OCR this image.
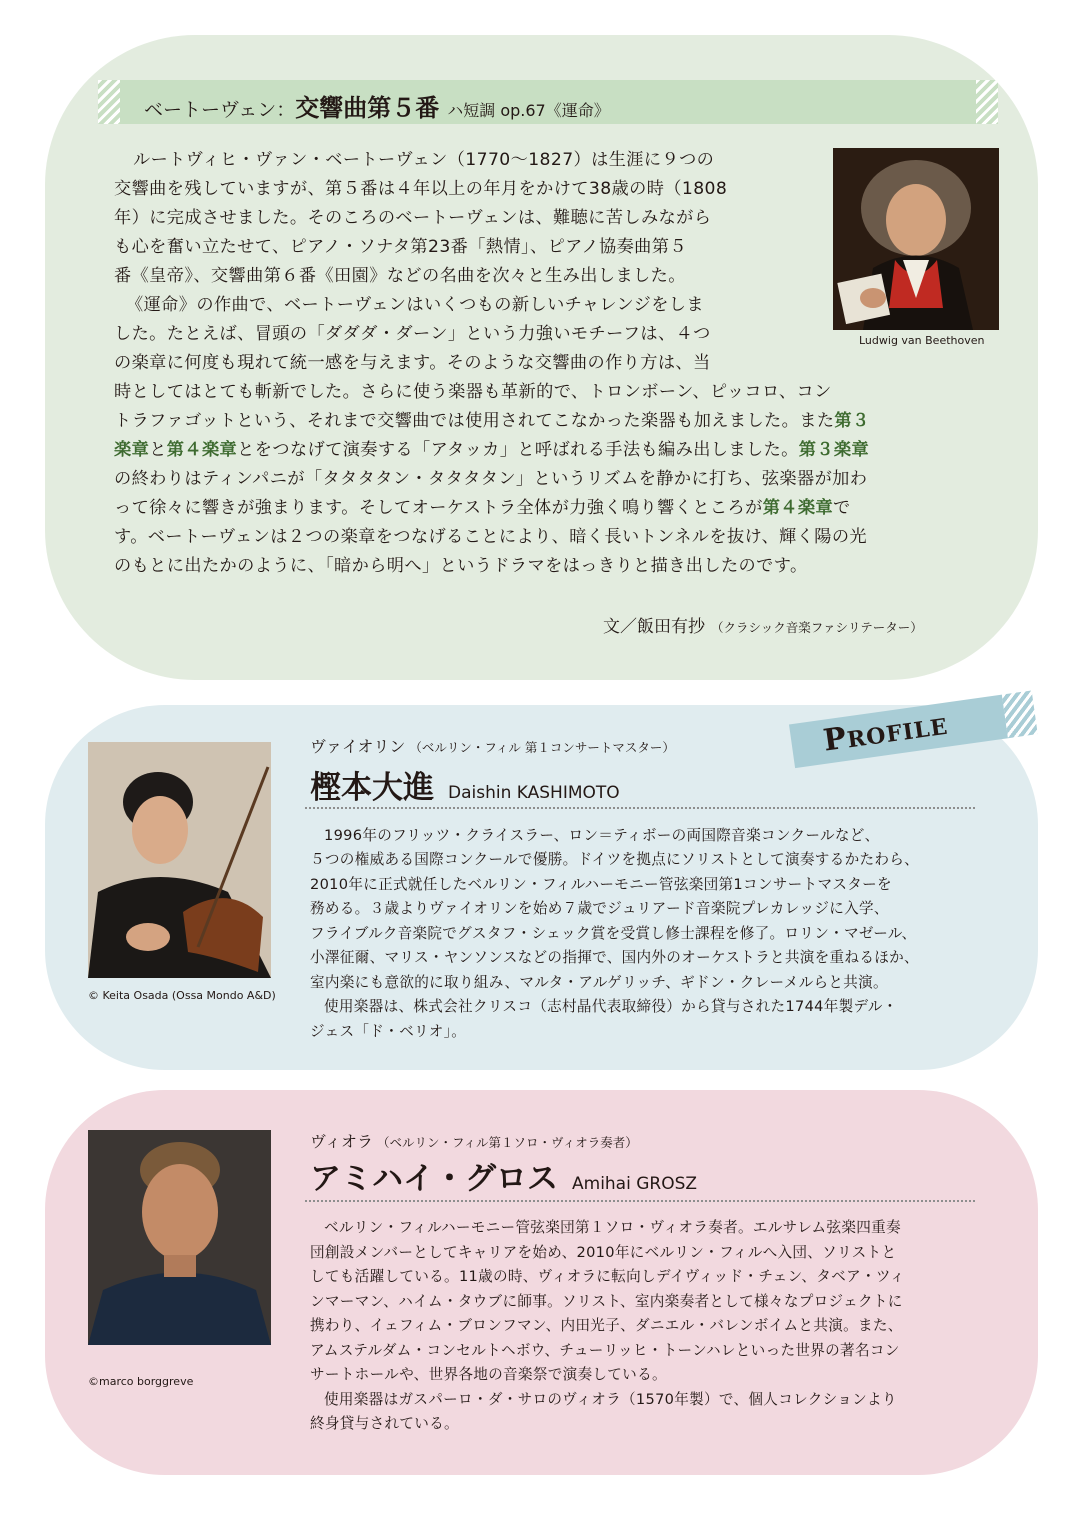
ベートーヴェン：交響曲第５番 ハ短調 op.67《運命》
Ludwig van Beethoven
ルートヴィヒ・ヴァン・ベートーヴェン（1770〜1827）は生涯に９つの
交響曲を残していますが、第５番は４年以上の年月をかけて38歳の時（1808
年）に完成させました。そのころのベートーヴェンは、難聴に苦しみながら
も心を奮い立たせて、ピアノ・ソナタ第23番「熱情」、ピアノ協奏曲第５
番《皇帝》、交響曲第６番《田園》などの名曲を次々と生み出しました。
《運命》の作曲で、ベートーヴェンはいくつもの新しいチャレンジをしま
した。たとえば、冒頭の「ダダダ・ダーン」という力強いモチーフは、４つ
の楽章に何度も現れて統一感を与えます。そのような交響曲の作り方は、当
時としてはとても斬新でした。さらに使う楽器も革新的で、トロンボーン、ピッコロ、コン
トラファゴットという、それまで交響曲では使用されてこなかった楽器も加えました。また第３
楽章と第４楽章とをつなげて演奏する「アタッカ」と呼ばれる手法も編み出しました。第３楽章
の終わりはティンパニが「タタタタン・タタタタン」というリズムを静かに打ち、弦楽器が加わ
って徐々に響きが強まります。そしてオーケストラ全体が力強く鳴り響くところが第４楽章で
す。ベートーヴェンは２つの楽章をつなげることにより、暗く長いトンネルを抜け、輝く陽の光
のもとに出たかのように、「暗から明へ」というドラマをはっきりと描き出したのです。
文／飯田有抄 （クラシック音楽ファシリテーター）
PROFILE
© Keita Osada (Ossa Mondo A&D)
ヴァイオリン （ベルリン・フィル 第１コンサートマスター）
樫本大進 Daishin KASHIMOTO
1996年のフリッツ・クライスラー、ロン＝ティボーの両国際音楽コンクールなど、
５つの権威ある国際コンクールで優勝。ドイツを拠点にソリストとして演奏するかたわら、
2010年に正式就任したベルリン・フィルハーモニー管弦楽団第1コンサートマスターを
務める。３歳よりヴァイオリンを始め７歳でジュリアード音楽院プレカレッジに入学、
フライブルク音楽院でグスタフ・シェック賞を受賞し修士課程を修了。ロリン・マゼール、
小澤征爾、マリス・ヤンソンスなどの指揮で、国内外のオーケストラと共演を重ねるほか、
室内楽にも意欲的に取り組み、マルタ・アルゲリッチ、ギドン・クレーメルらと共演。
使用楽器は、株式会社クリスコ（志村晶代表取締役）から貸与された1744年製デル・
ジェス「ド・ベリオ」。
©marco borggreve
ヴィオラ （ベルリン・フィル第１ソロ・ヴィオラ奏者）
アミハイ・グロス Amihai GROSZ
ベルリン・フィルハーモニー管弦楽団第１ソロ・ヴィオラ奏者。エルサレム弦楽四重奏
団創設メンバーとしてキャリアを始め、2010年にベルリン・フィルへ入団、ソリストと
しても活躍している。11歳の時、ヴィオラに転向しデイヴィッド・チェン、タベア・ツィ
ンマーマン、ハイム・タウブに師事。ソリスト、室内楽奏者として様々なプロジェクトに
携わり、イェフィム・ブロンフマン、内田光子、ダニエル・バレンボイムと共演。また、
アムステルダム・コンセルトヘボウ、チューリッヒ・トーンハレといった世界の著名コン
サートホールや、世界各地の音楽祭で演奏している。
使用楽器はガスパーロ・ダ・サロのヴィオラ（1570年製）で、個人コレクションより
終身貸与されている。
